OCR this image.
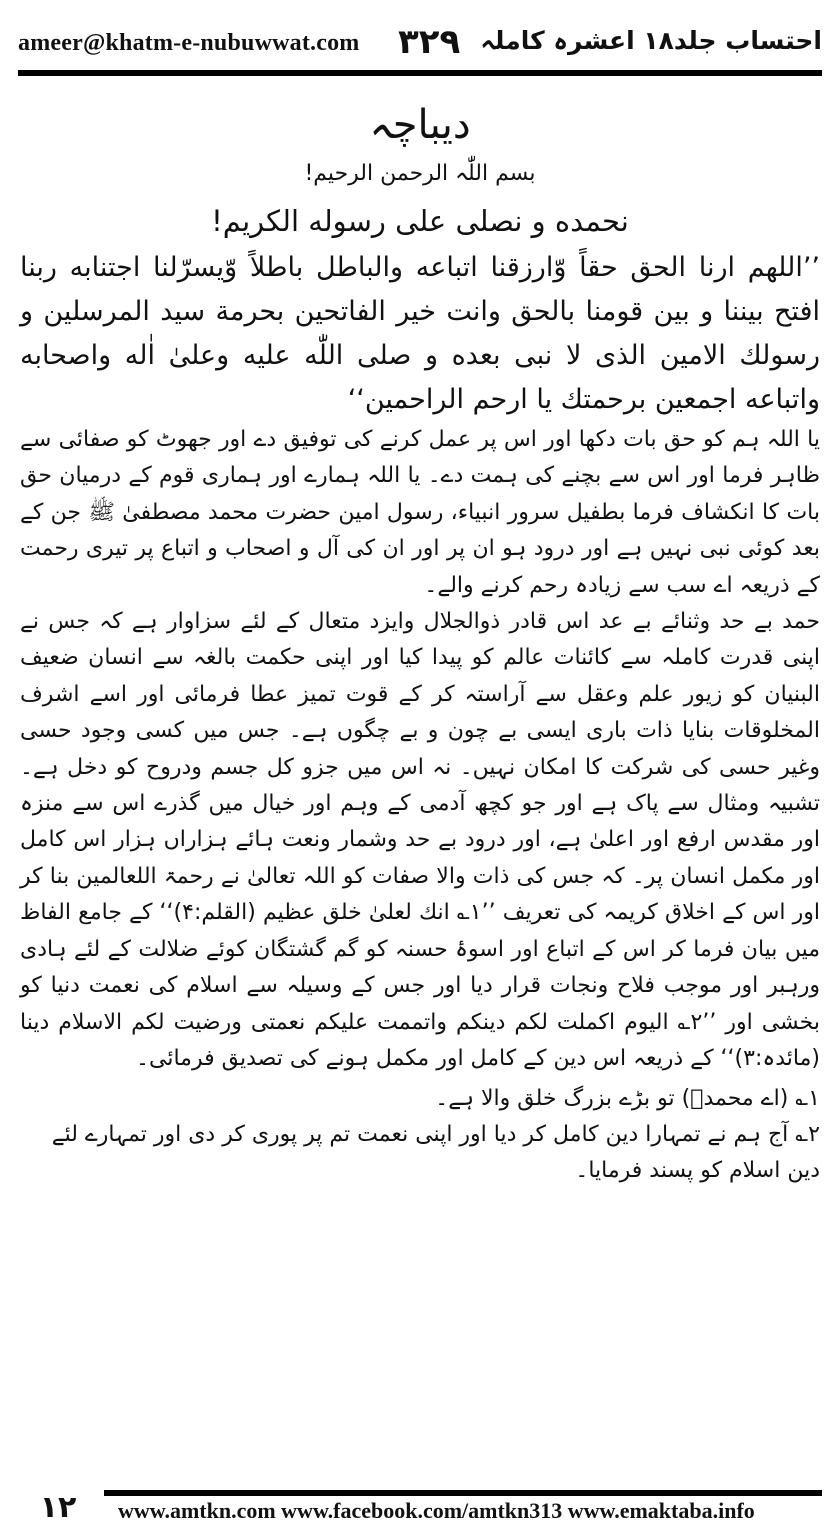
ameer@khatm-e-nubuwwat.com ۳۲۹ احتساب جلد۱۸ اعشرہ کاملہ
دیباچہ
بسم اللّٰہ الرحمن الرحیم!
نحمده و نصلی علی رسوله الکریم!
’’اللهم ارنا الحق حقاً وّارزقنا اتباعه والباطل باطلاً وّیسرّلنا اجتنابه ربنا افتح بیننا و بین قومنا بالحق وانت خیر الفاتحین بحرمة سید المرسلین و رسولك الامین الذی لا نبی بعده و صلی اللّٰه علیه وعلیٰ اٰله واصحابه واتباعه اجمعین برحمتك یا ارحم الراحمین‘‘

یا اللہ ہم کو حق بات دکھا اور اس پر عمل کرنے کی توفیق دے اور جھوٹ کو صفائی سے ظاہر فرما اور اس سے بچنے کی ہمت دے۔ یا اللہ ہمارے اور ہماری قوم کے درمیان حق بات کا انکشاف فرما بطفیل سرور انبیاء، رسول امین حضرت محمد مصطفیٰ ﷺ جن کے بعد کوئی نبی نہیں ہے اور درود ہو ان پر اور ان کی آل و اصحاب و اتباع پر تیری رحمت کے ذریعہ اے سب سے زیادہ رحم کرنے والے۔

حمد بے حد وثنائے بے عد اس قادر ذوالجلال وایزد متعال کے لئے سزاوار ہے کہ جس نے اپنی قدرت کاملہ سے کائنات عالم کو پیدا کیا اور اپنی حکمت بالغہ سے انسان ضعیف البنیان کو زیور علم وعقل سے آراستہ کر کے قوت تمیز عطا فرمائی اور اسے اشرف المخلوقات بنایا ذات باری ایسی بے چون و بے چگوں ہے۔ جس میں کسی وجود حسی وغیر حسی کی شرکت کا امکان نہیں۔ نہ اس میں جزو کل جسم ودروح کو دخل ہے۔ تشبیہ ومثال سے پاک ہے اور جو کچھ آدمی کے وہم اور خیال میں گذرے اس سے منزہ اور مقدس ارفع اور اعلیٰ ہے، اور درود بے حد وشمار ونعت ہائے ہزاراں ہزار اس کامل اور مکمل انسان پر۔ کہ جس کی ذات والا صفات کو اللہ تعالیٰ نے رحمۃ اللعالمین بنا کر اور اس کے اخلاق کریمہ کی تعریف ’’۱؎ انك لعلیٰ خلق عظیم (القلم:۴)‘‘ کے جامع الفاظ میں بیان فرما کر اس کے اتباع اور اسوۂ حسنہ کو گم گشتگان کوئے ضلالت کے لئے ہادی ورہبر اور موجب فلاح ونجات قرار دیا اور جس کے وسیلہ سے اسلام کی نعمت دنیا کو بخشی اور ’’۲؎ الیوم اکملت لکم دینکم واتممت علیکم نعمتی ورضیت لکم الاسلام دینا (مائدہ:۳)‘‘ کے ذریعہ اس دین کے کامل اور مکمل ہونے کی تصدیق فرمائی۔

۱؎ (اے محمدؐ) تو بڑے بزرگ خلق والا ہے۔

۲؎ آج ہم نے تمہارا دین کامل کر دیا اور اپنی نعمت تم پر پوری کر دی اور تمہارے لئے دین اسلام کو پسند فرمایا۔

۱۲	www.amtkn.com www.facebook.com/amtkn313 www.emaktaba.info
